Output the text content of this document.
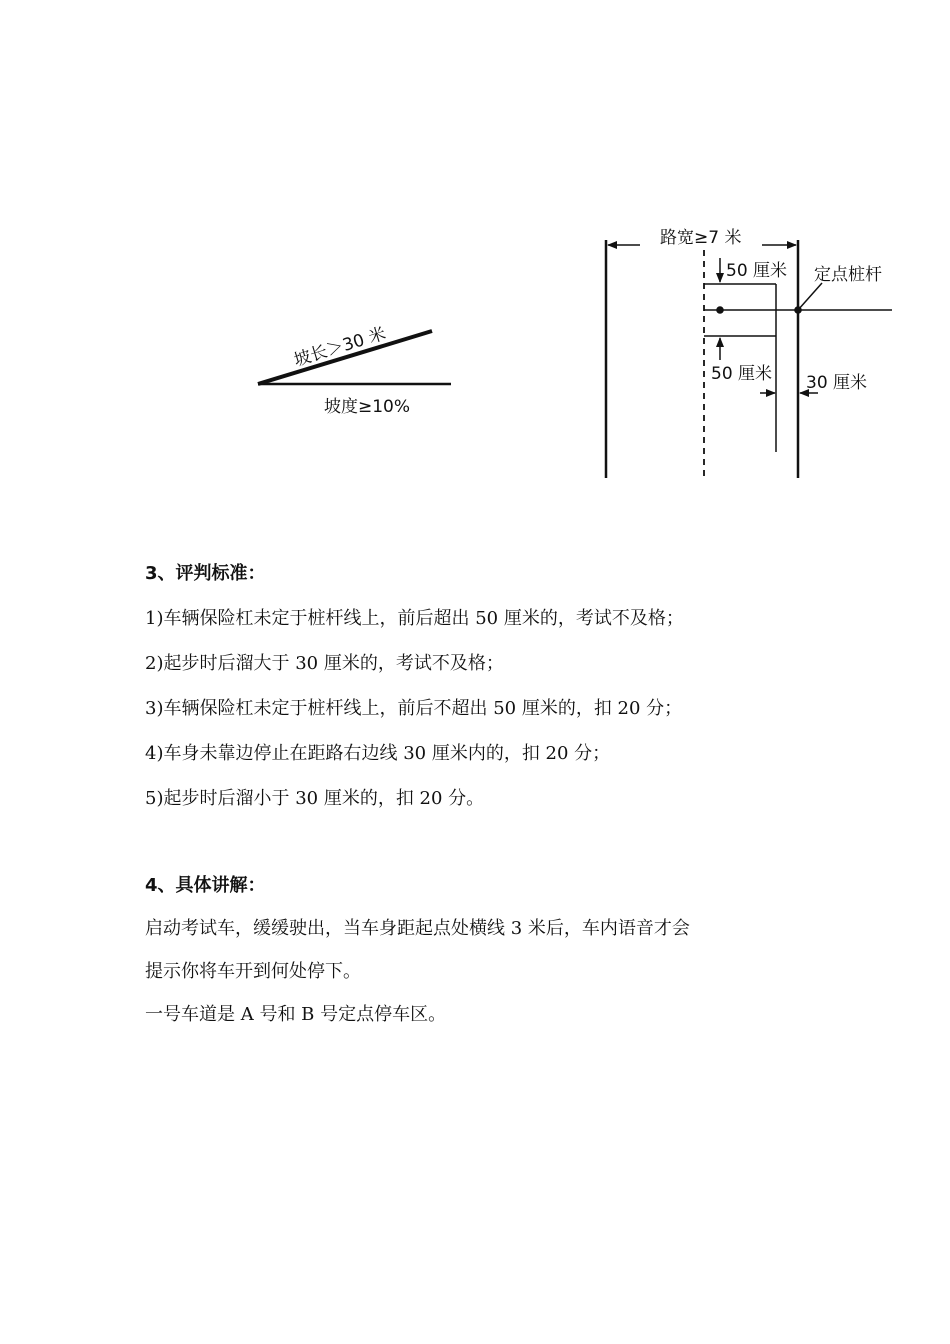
坡长＞30 米
坡度≥10%
路宽≥7 米
50 厘米
50 厘米
定点桩杆
30 厘米

3、评判标准：

1)车辆保险杠未定于桩杆线上，前后超出 50 厘米的，考试不及格；

2)起步时后溜大于 30 厘米的，考试不及格；

3)车辆保险杠未定于桩杆线上，前后不超出 50 厘米的，扣 20 分；

4)车身未靠边停止在距路右边线 30 厘米内的，扣 20 分；

5)起步时后溜小于 30 厘米的，扣 20 分。

4、具体讲解：

启动考试车，缓缓驶出，当车身距起点处横线 3 米后，车内语音才会

提示你将车开到何处停下。

一号车道是 A 号和 B 号定点停车区。
